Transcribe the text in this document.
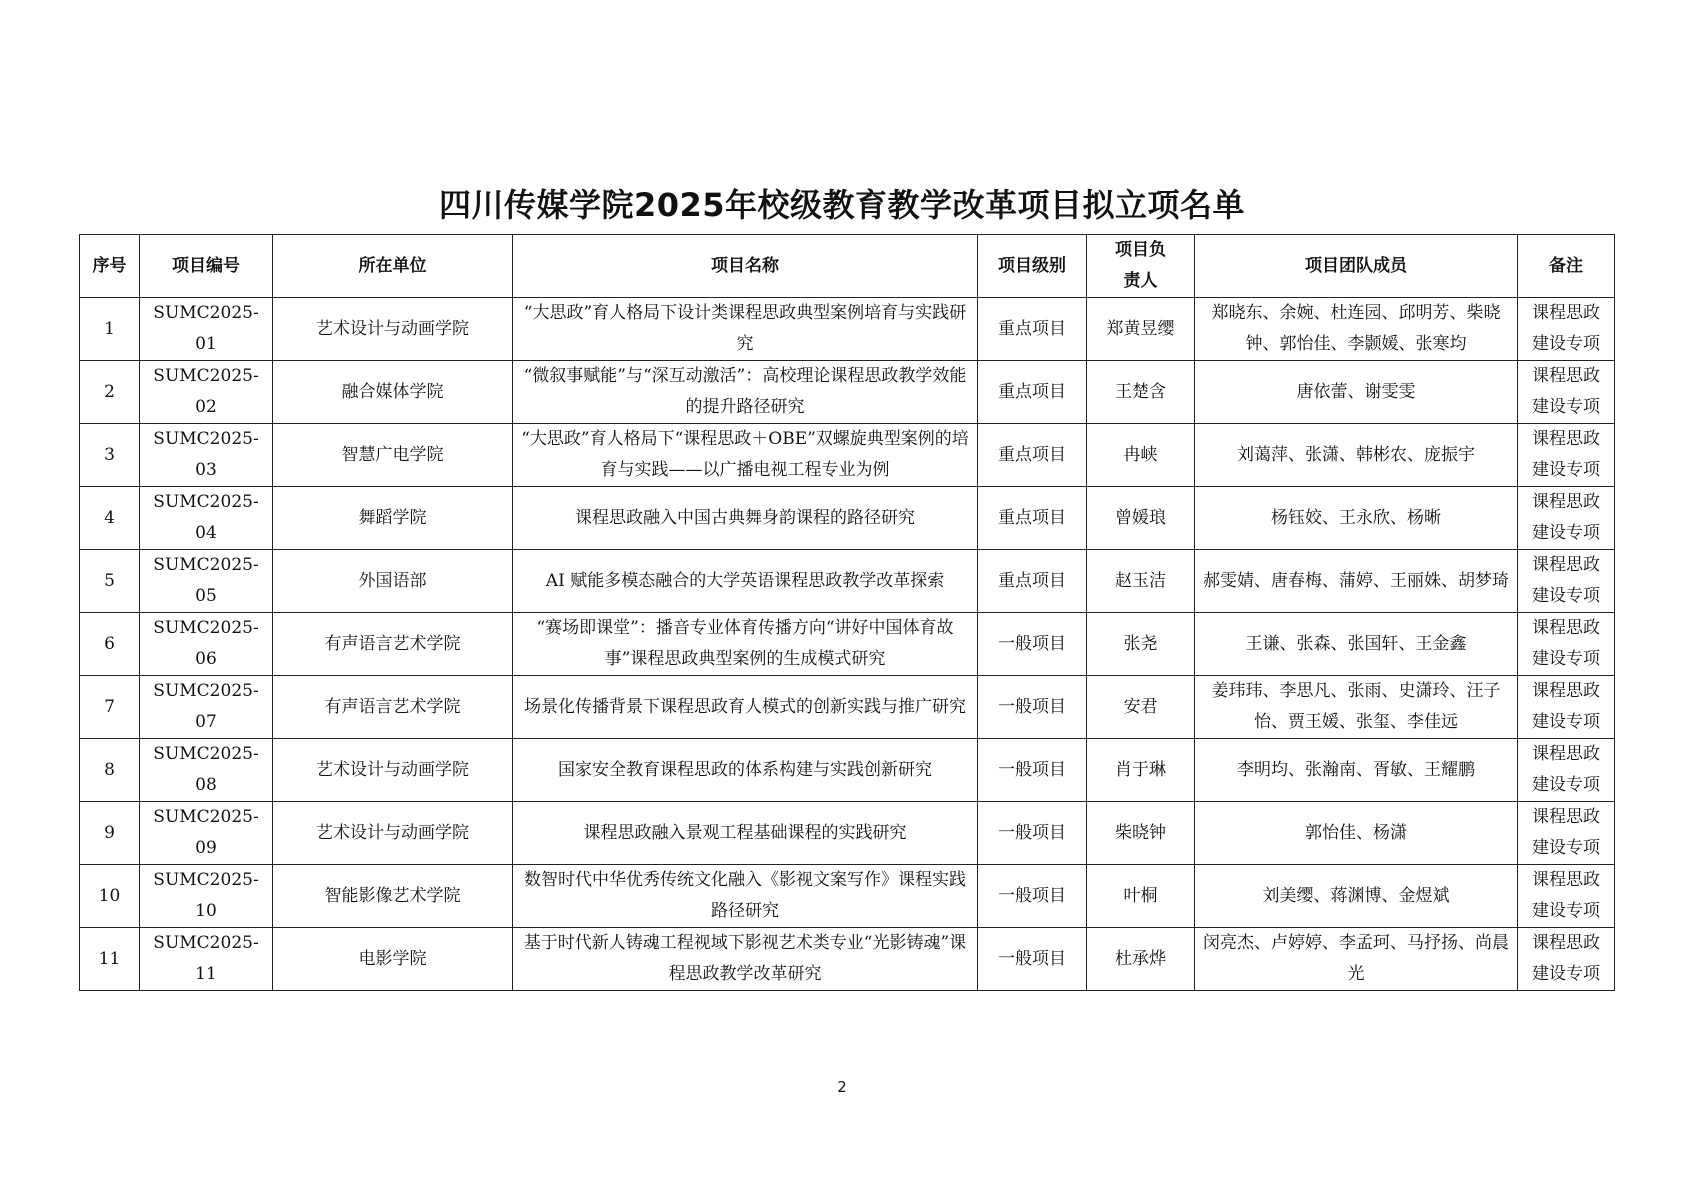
四川传媒学院2025年校级教育教学改革项目拟立项名单
序号	项目编号	所在单位	项目名称	项目级别	项目负责人	项目团队成员	备注
1	SUMC2025-01	艺术设计与动画学院	“大思政”育人格局下设计类课程思政典型案例培育与实践研究	重点项目	郑黄昱缨	郑晓东、余婉、杜连园、邱明芳、柴晓钟、郭怡佳、李颢媛、张寒均	课程思政建设专项
2	SUMC2025-02	融合媒体学院	“微叙事赋能”与“深互动激活”：高校理论课程思政教学效能的提升路径研究	重点项目	王楚含	唐依蕾、谢雯雯	课程思政建设专项
3	SUMC2025-03	智慧广电学院	“大思政”育人格局下“课程思政＋OBE”双螺旋典型案例的培育与实践——以广播电视工程专业为例	重点项目	冉峡	刘蔼萍、张潇、韩彬农、庞振宇	课程思政建设专项
4	SUMC2025-04	舞蹈学院	课程思政融入中国古典舞身韵课程的路径研究	重点项目	曾媛琅	杨钰姣、王永欣、杨晰	课程思政建设专项
5	SUMC2025-05	外国语部	AI 赋能多模态融合的大学英语课程思政教学改革探索	重点项目	赵玉洁	郝雯婧、唐春梅、蒲婷、王丽姝、胡梦琦	课程思政建设专项
6	SUMC2025-06	有声语言艺术学院	“赛场即课堂”：播音专业体育传播方向“讲好中国体育故事”课程思政典型案例的生成模式研究	一般项目	张尧	王谦、张森、张国轩、王金鑫	课程思政建设专项
7	SUMC2025-07	有声语言艺术学院	场景化传播背景下课程思政育人模式的创新实践与推广研究	一般项目	安君	姜玮玮、李思凡、张雨、史潇玲、汪子怡、贾王媛、张玺、李佳远	课程思政建设专项
8	SUMC2025-08	艺术设计与动画学院	国家安全教育课程思政的体系构建与实践创新研究	一般项目	肖于琳	李明均、张瀚南、胥敏、王耀鹏	课程思政建设专项
9	SUMC2025-09	艺术设计与动画学院	课程思政融入景观工程基础课程的实践研究	一般项目	柴晓钟	郭怡佳、杨潇	课程思政建设专项
10	SUMC2025-10	智能影像艺术学院	数智时代中华优秀传统文化融入《影视文案写作》课程实践路径研究	一般项目	叶桐	刘美缨、蒋渊博、金煜斌	课程思政建设专项
11	SUMC2025-11	电影学院	基于时代新人铸魂工程视域下影视艺术类专业“光影铸魂”课程思政教学改革研究	一般项目	杜承烨	闵亮杰、卢婷婷、李孟珂、马抒扬、尚晨光	课程思政建设专项
2
